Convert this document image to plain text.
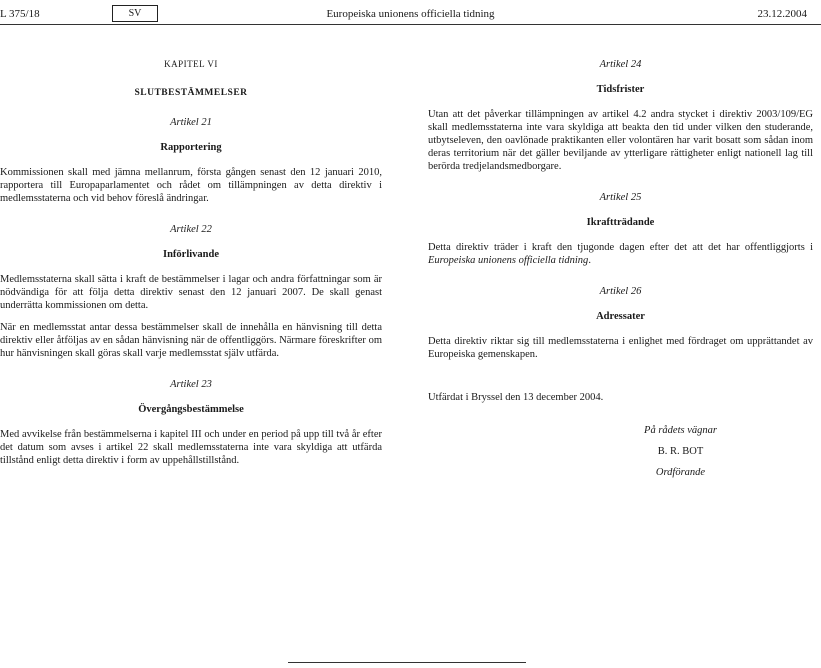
L 375/18	SV	Europeiska unionens officiella tidning	23.12.2004

KAPITEL VI

SLUTBESTÄMMELSER

Artikel 21

Rapportering

Kommissionen skall med jämna mellanrum, första gången senast den 12 januari 2010, rapportera till Europaparlamentet och rådet om tillämpningen av detta direktiv i medlemsstaterna och vid behov föreslå ändringar.

Artikel 22

Införlivande

Medlemsstaterna skall sätta i kraft de bestämmelser i lagar och andra författningar som är nödvändiga för att följa detta direktiv senast den 12 januari 2007. De skall genast underrätta kommissionen om detta.

När en medlemsstat antar dessa bestämmelser skall de innehålla en hänvisning till detta direktiv eller åtföljas av en sådan hänvisning när de offentliggörs. Närmare föreskrifter om hur hänvisningen skall göras skall varje medlemsstat själv utfärda.

Artikel 23

Övergångsbestämmelse

Med avvikelse från bestämmelserna i kapitel III och under en period på upp till två år efter det datum som avses i artikel 22 skall medlemsstaterna inte vara skyldiga att utfärda tillstånd enligt detta direktiv i form av uppehållstillstånd.

Artikel 24

Tidsfrister

Utan att det påverkar tillämpningen av artikel 4.2 andra stycket i direktiv 2003/109/EG skall medlemsstaterna inte vara skyldiga att beakta den tid under vilken den studerande, utbytseleven, den oavlönade praktikanten eller volontären har varit bosatt som sådan inom deras territorium när det gäller beviljande av ytterligare rättigheter enligt nationell lag till berörda tredjelandsmedborgare.

Artikel 25

Ikraftträdande

Detta direktiv träder i kraft den tjugonde dagen efter det att det har offentliggjorts i Europeiska unionens officiella tidning.

Artikel 26

Adressater

Detta direktiv riktar sig till medlemsstaterna i enlighet med fördraget om upprättandet av Europeiska gemenskapen.

Utfärdat i Bryssel den 13 december 2004.

På rådets vägnar

B. R. BOT

Ordförande
